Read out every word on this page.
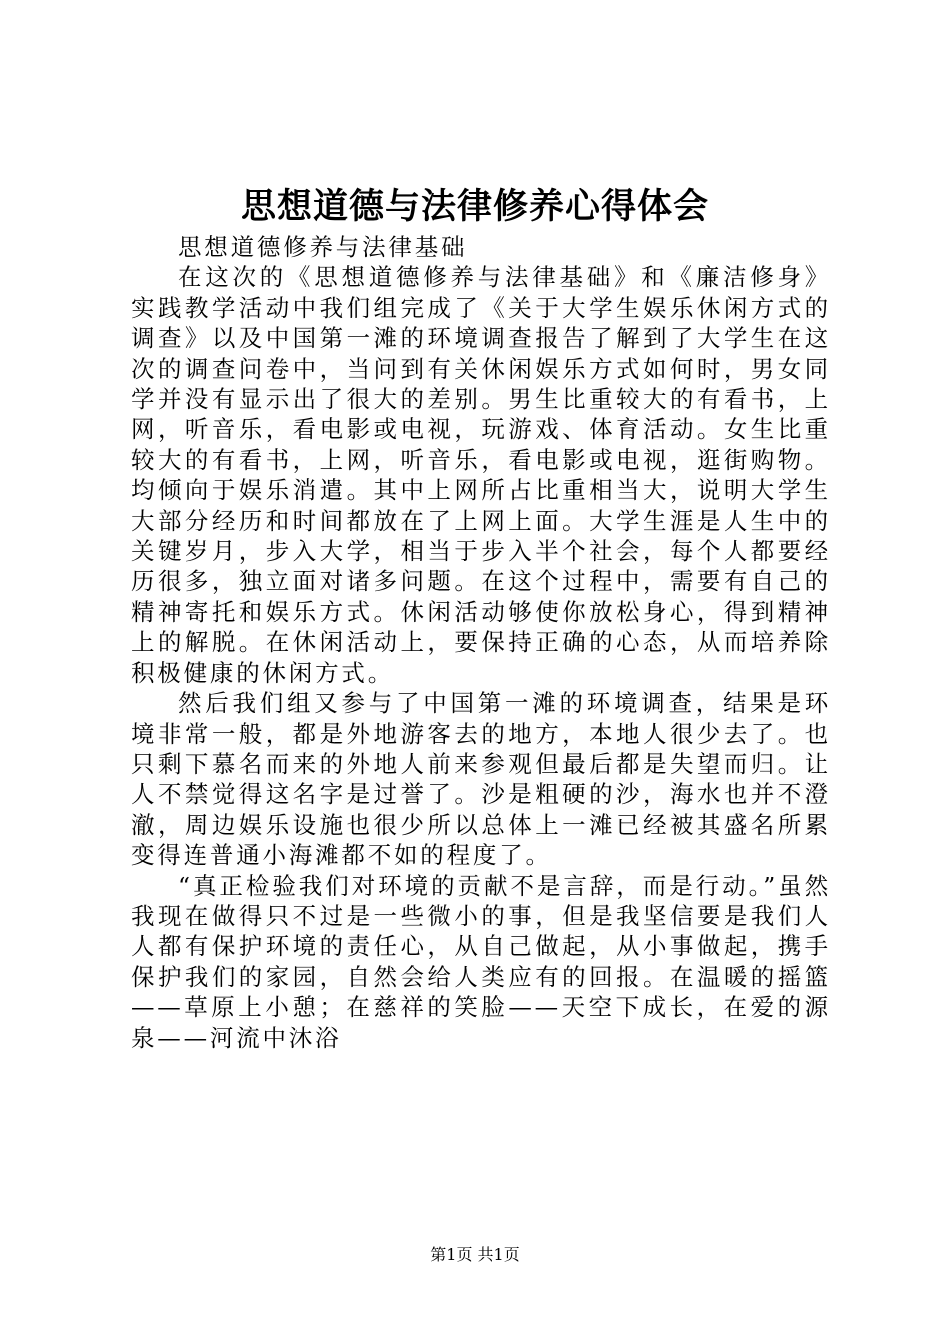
思想道德与法律修养心得体会

思想道德修养与法律基础

在这次的《思想道德修养与法律基础》和《廉洁修身》实践教学活动中我们组完成了《关于大学生娱乐休闲方式的调查》以及中国第一滩的环境调查报告了解到了大学生在这次的调查问卷中，当问到有关休闲娱乐方式如何时，男女同学并没有显示出了很大的差别。男生比重较大的有看书，上网，听音乐，看电影或电视，玩游戏、体育活动。女生比重较大的有看书，上网，听音乐，看电影或电视，逛街购物。均倾向于娱乐消遣。其中上网所占比重相当大，说明大学生大部分经历和时间都放在了上网上面。大学生涯是人生中的关键岁月，步入大学，相当于步入半个社会，每个人都要经历很多，独立面对诸多问题。在这个过程中，需要有自己的精神寄托和娱乐方式。休闲活动够使你放松身心，得到精神上的解脱。在休闲活动上，要保持正确的心态，从而培养除积极健康的休闲方式。

然后我们组又参与了中国第一滩的环境调查，结果是环境非常一般，都是外地游客去的地方，本地人很少去了。也只剩下慕名而来的外地人前来参观但最后都是失望而归。让人不禁觉得这名字是过誉了。沙是粗硬的沙，海水也并不澄澈，周边娱乐设施也很少所以总体上一滩已经被其盛名所累变得连普通小海滩都不如的程度了。

“真正检验我们对环境的贡献不是言辞，而是行动。”虽然我现在做得只不过是一些微小的事，但是我坚信要是我们人人都有保护环境的责任心，从自己做起，从小事做起，携手保护我们的家园，自然会给人类应有的回报。在温暖的摇篮——草原上小憩；在慈祥的笑脸——天空下成长，在爱的源泉——河流中沐浴

第1页 共1页
